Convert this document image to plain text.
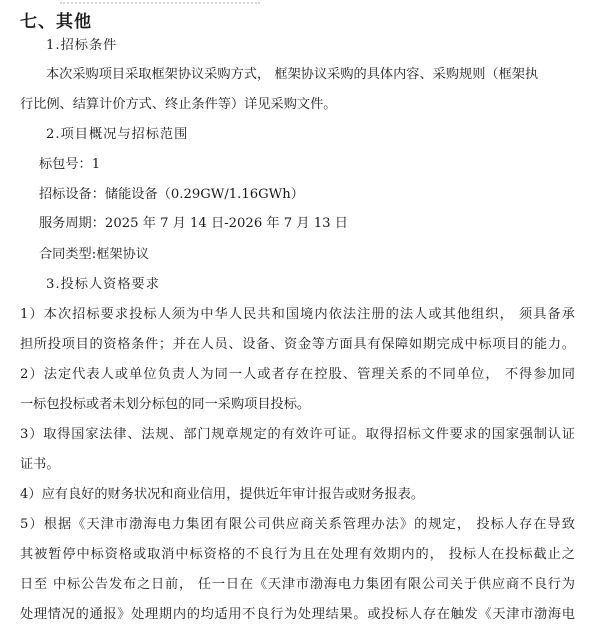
七、其他
1.招标条件
本次采购项目采取框架协议采购方式， 框架协议采购的具体内容、采购规则（框架执
行比例、结算计价方式、终止条件等）详见采购文件。
2.项目概况与招标范围
标包号：1
招标设备：储能设备（0.29GW/1.16GWh）
服务周期：2025 年 7 月 14 日-2026 年 7 月 13 日
合同类型:框架协议
3.投标人资格要求
1）本次招标要求投标人须为中华人民共和国境内依法注册的法人或其他组织， 须具备承
担所投项目的资格条件；并在人员、设备、资金等方面具有保障如期完成中标项目的能力。
2）法定代表人或单位负责人为同一人或者存在控股、管理关系的不同单位， 不得参加同
一标包投标或者未划分标包的同一采购项目投标。
3）取得国家法律、法规、部门规章规定的有效许可证。取得招标文件要求的国家强制认证
证书。
4）应有良好的财务状况和商业信用，提供近年审计报告或财务报表。
5）根据《天津市渤海电力集团有限公司供应商关系管理办法》的规定， 投标人存在导致
其被暂停中标资格或取消中标资格的不良行为且在处理有效期内的， 投标人在投标截止之
日至 中标公告发布之日前， 任一日在《天津市渤海电力集团有限公司关于供应商不良行为
处理情况的通报》处理期内的均适用不良行为处理结果。或投标人存在触发《天津市渤海电
